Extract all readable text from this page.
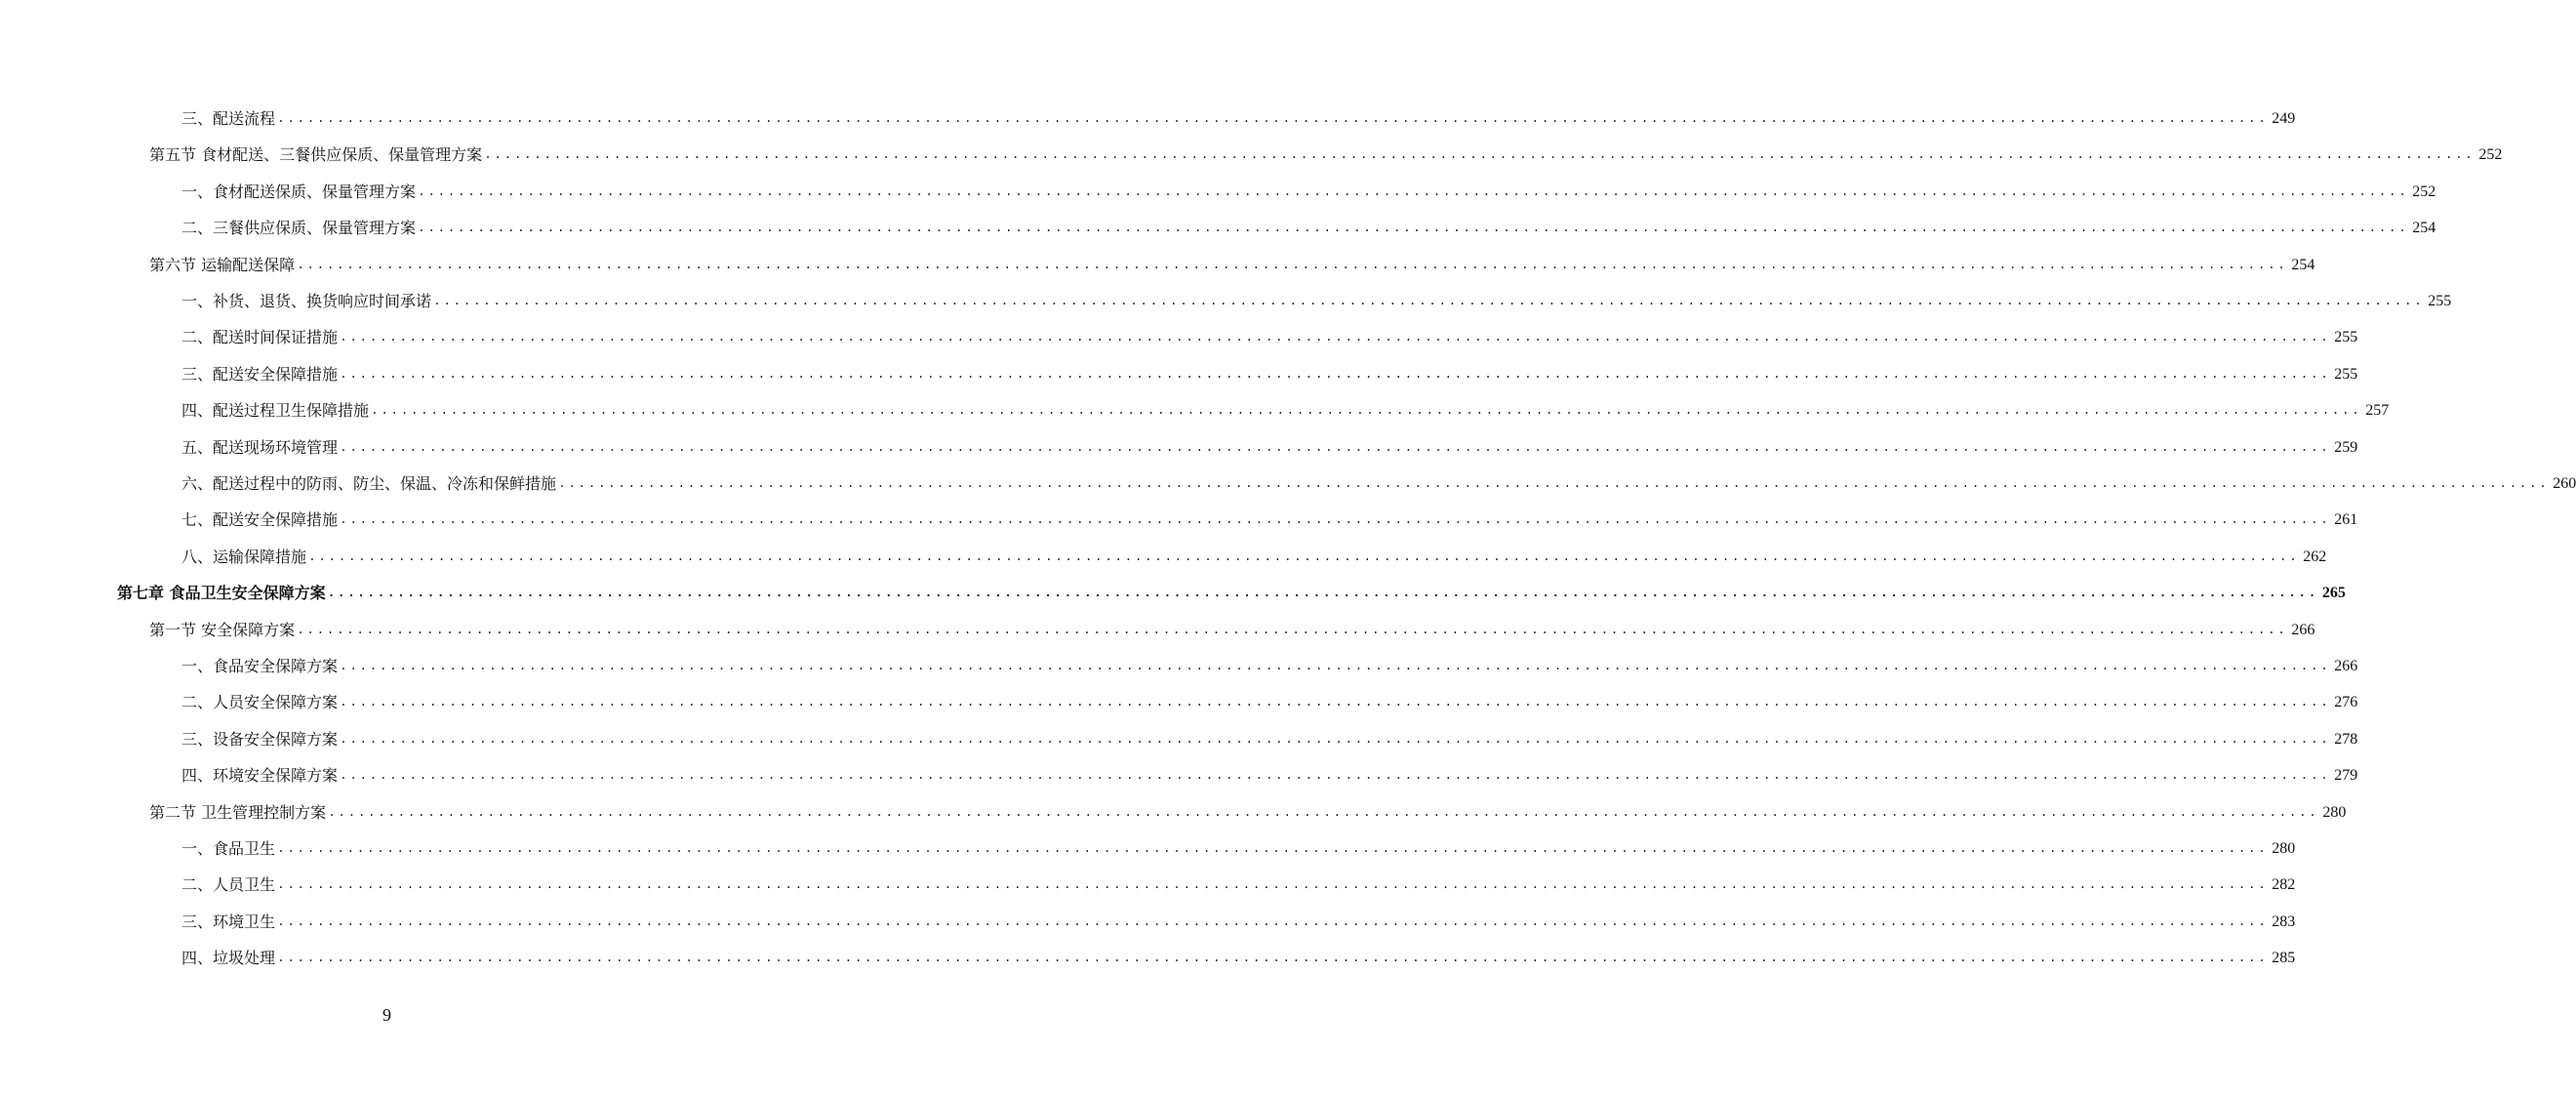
三、配送流程 ........................................................................................................................................................................................................ 249
第五节 食材配送、三餐供应保质、保量管理方案 ........................................................................................................................................................................................................ 252
一、食材配送保质、保量管理方案 ........................................................................................................................................................................................................ 252
二、三餐供应保质、保量管理方案 ........................................................................................................................................................................................................ 254
第六节 运输配送保障 ........................................................................................................................................................................................................ 254
一、补货、退货、换货响应时间承诺 ........................................................................................................................................................................................................ 255
二、配送时间保证措施 ........................................................................................................................................................................................................ 255
三、配送安全保障措施 ........................................................................................................................................................................................................ 255
四、配送过程卫生保障措施 ........................................................................................................................................................................................................ 257
五、配送现场环境管理 ........................................................................................................................................................................................................ 259
六、配送过程中的防雨、防尘、保温、冷冻和保鲜措施 ........................................................................................................................................................................................................ 260
七、配送安全保障措施 ........................................................................................................................................................................................................ 261
八、运输保障措施 ........................................................................................................................................................................................................ 262
第七章 食品卫生安全保障方案 ........................................................................................................................................................................................................ 265
第一节 安全保障方案 ........................................................................................................................................................................................................ 266
一、食品安全保障方案 ........................................................................................................................................................................................................ 266
二、人员安全保障方案 ........................................................................................................................................................................................................ 276
三、设备安全保障方案 ........................................................................................................................................................................................................ 278
四、环境安全保障方案 ........................................................................................................................................................................................................ 279
第二节 卫生管理控制方案 ........................................................................................................................................................................................................ 280
一、食品卫生 ........................................................................................................................................................................................................ 280
二、人员卫生 ........................................................................................................................................................................................................ 282
三、环境卫生 ........................................................................................................................................................................................................ 283
四、垃圾处理 ........................................................................................................................................................................................................ 285
9
